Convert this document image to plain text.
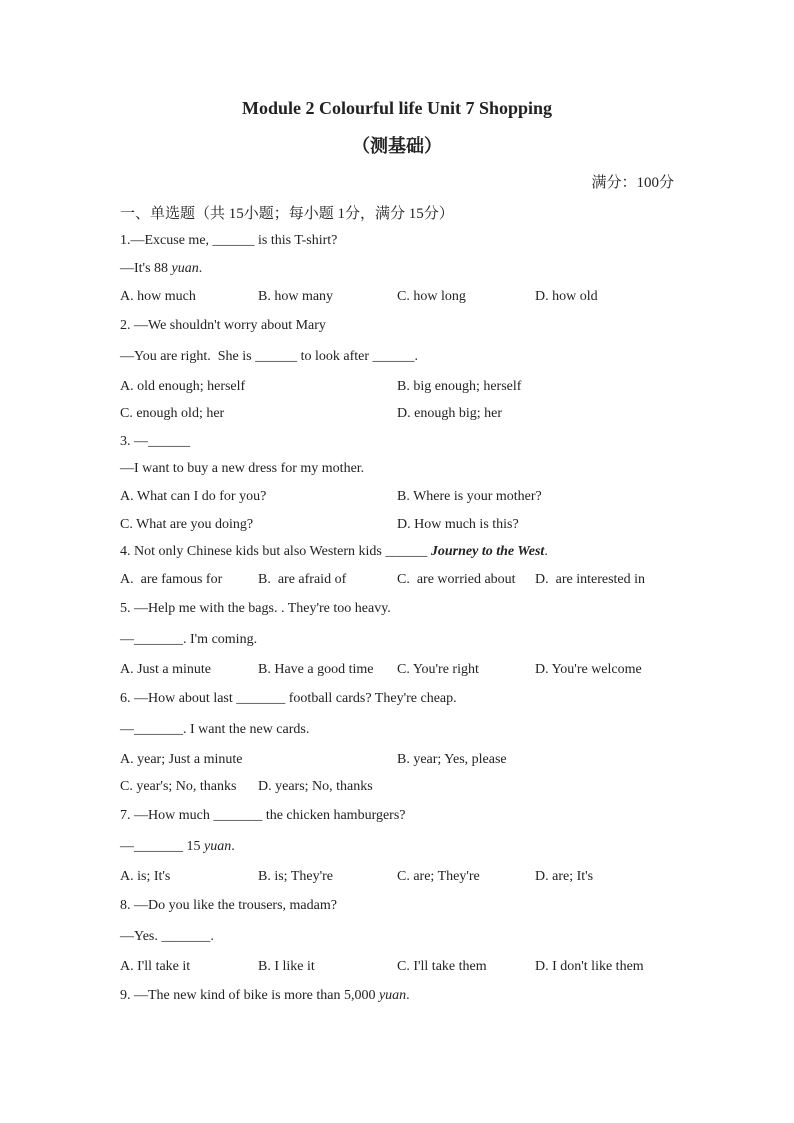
Module 2 Colourful life Unit 7 Shopping
（测基础）
满分：100分
一、单选题（共 15小题；每小题 1分，满分 15分）
1.—Excuse me, ______ is this T-shirt?
—It's 88 yuan.
A. how much	B. how many	C. how long	D. how old
2. —We shouldn't worry about Mary
—You are right.  She is ______ to look after ______.
A. old enough; herself	B. big enough; herself
C. enough old; her	D. enough big; her
3. —______
—I want to buy a new dress for my mother.
A. What can I do for you?	B. Where is your mother?
C. What are you doing?	D. How much is this?
4. Not only Chinese kids but also Western kids ______ Journey to the West.
A.  are famous for	B.  are afraid of	C.  are worried about D.  are interested in
5. —Help me with the bags. . They're too heavy.
—_______. I'm coming.
A. Just a minute	B. Have a good time C. You're right	D. You're welcome
6. —How about last _______ football cards? They're cheap.
—_______. I want the new cards.
A. year; Just a minute	B. year; Yes, please
C. year's; No, thanks D. years; No, thanks
7. —How much _______ the chicken hamburgers?
—_______ 15 yuan.
A. is; It's	B. is; They're	C. are; They're	D. are; It's
8. —Do you like the trousers, madam?
—Yes. _______.
A. I'll take it	B. I like it	C. I'll take them	D. I don't like them
9. —The new kind of bike is more than 5,000 yuan.
